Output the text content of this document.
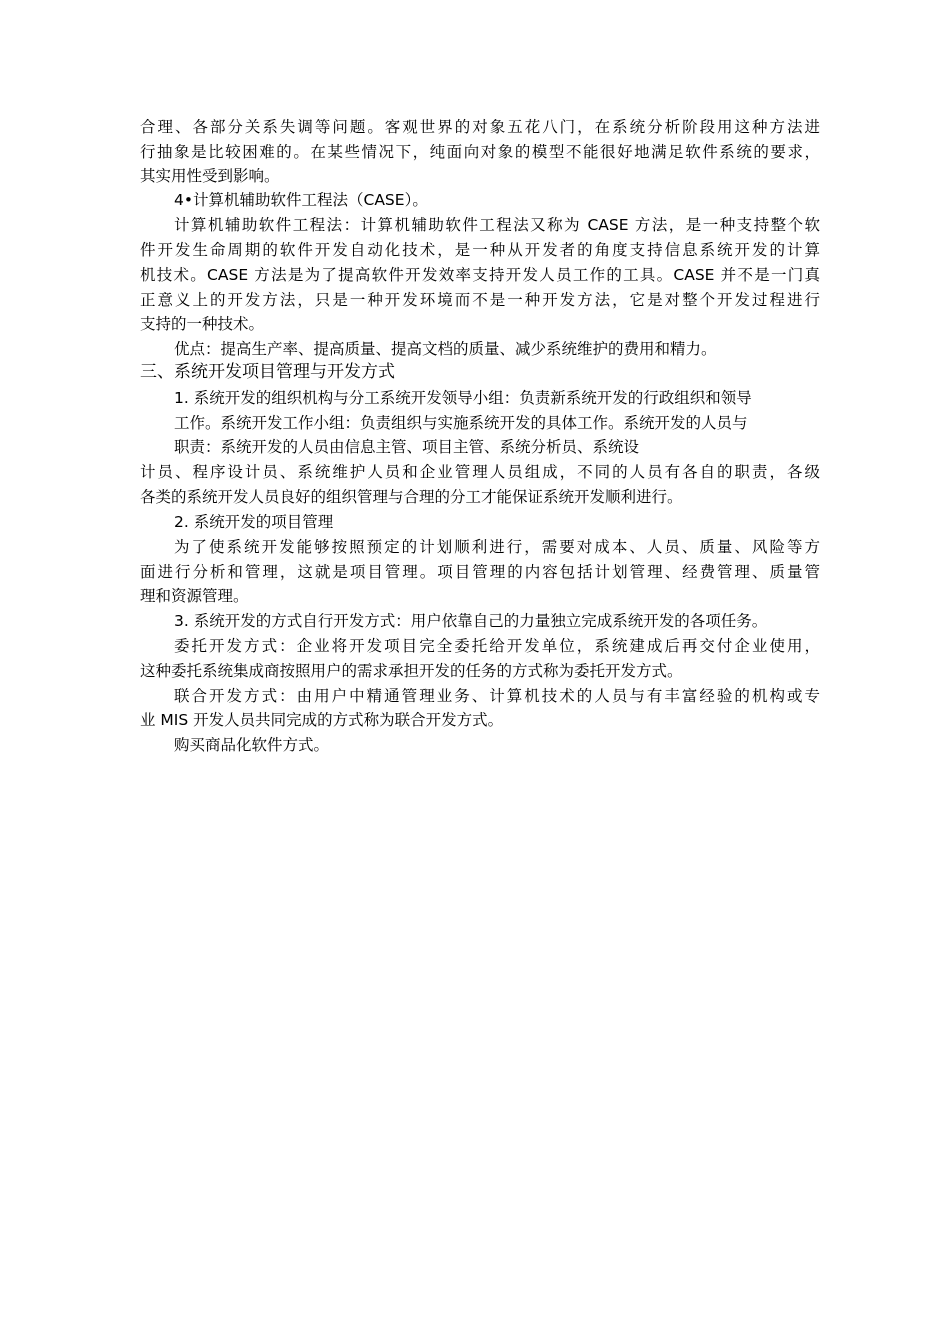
合理、各部分关系失调等问题。客观世界的对象五花八门，在系统分析阶段用这种方法进
行抽象是比较困难的。在某些情况下，纯面向对象的模型不能很好地满足软件系统的要求，
其实用性受到影响。
4•计算机辅助软件工程法（CASE）。
计算机辅助软件工程法：计算机辅助软件工程法又称为 CASE 方法，是一种支持整个软
件开发生命周期的软件开发自动化技术，是一种从开发者的角度支持信息系统开发的计算
机技术。CASE 方法是为了提高软件开发效率支持开发人员工作的工具。CASE 并不是一门真
正意义上的开发方法，只是一种开发环境而不是一种开发方法，它是对整个开发过程进行
支持的一种技术。
优点：提高生产率、提高质量、提高文档的质量、减少系统维护的费用和精力。
三、系统开发项目管理与开发方式
1. 系统开发的组织机构与分工系统开发领导小组：负责新系统开发的行政组织和领导
工作。系统开发工作小组：负责组织与实施系统开发的具体工作。系统开发的人员与
职责：系统开发的人员由信息主管、项目主管、系统分析员、系统设
计员、程序设计员、系统维护人员和企业管理人员组成，不同的人员有各自的职责，各级
各类的系统开发人员良好的组织管理与合理的分工才能保证系统开发顺利进行。
2. 系统开发的项目管理
为了使系统开发能够按照预定的计划顺利进行，需要对成本、人员、质量、风险等方
面进行分析和管理，这就是项目管理。项目管理的内容包括计划管理、经费管理、质量管
理和资源管理。
3. 系统开发的方式自行开发方式：用户依靠自己的力量独立完成系统开发的各项任务。
委托开发方式：企业将开发项目完全委托给开发单位，系统建成后再交付企业使用，
这种委托系统集成商按照用户的需求承担开发的任务的方式称为委托开发方式。
联合开发方式：由用户中精通管理业务、计算机技术的人员与有丰富经验的机构或专
业 MIS 开发人员共同完成的方式称为联合开发方式。
购买商品化软件方式。
